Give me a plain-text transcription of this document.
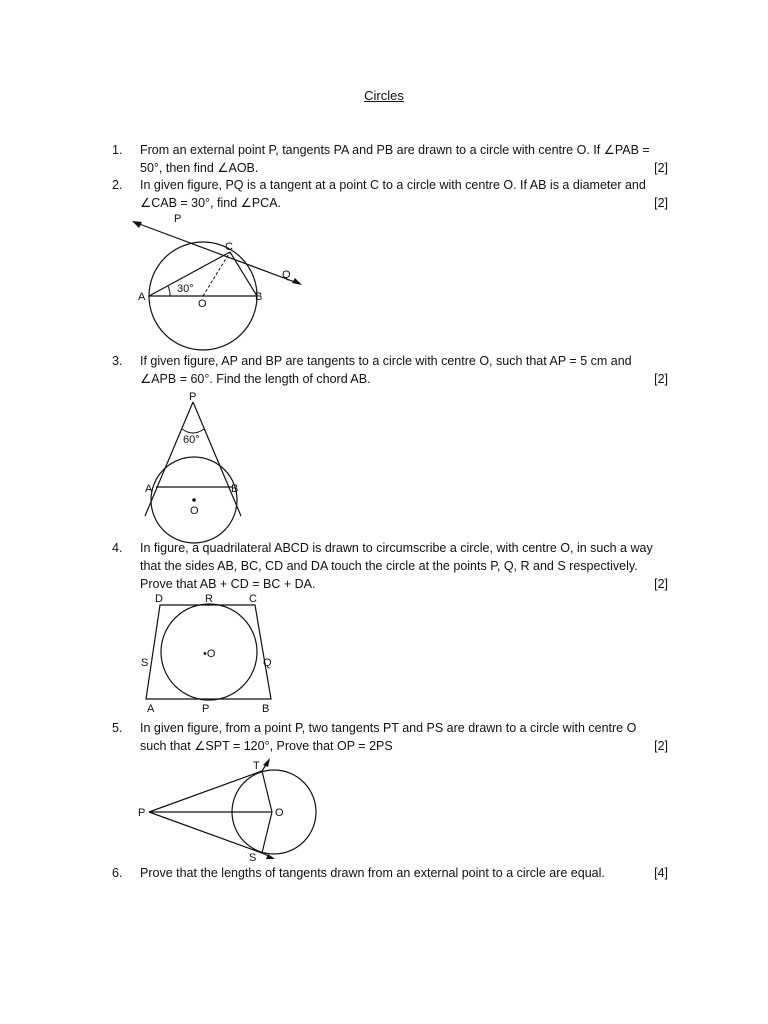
Circles
1.	From an external point P, tangents PA and PB are drawn to a circle with centre O. If ∠PAB =
50°, then find ∠AOB.	[2]
2.	In given figure, PQ is a tangent at a point C to a circle with centre O. If AB is a diameter and
∠CAB = 30°, find ∠PCA.	[2]
P
C
Q
A	B
O
30°
3.	If given figure, AP and BP are tangents to a circle with centre O, such that AP = 5 cm and
∠APB = 60°. Find the length of chord AB.	[2]
P
60°
A	B
O
4.	In figure, a quadrilateral ABCD is drawn to circumscribe a circle, with centre O, in such a way
that the sides AB, BC, CD and DA touch the circle at the points P, Q, R and S respectively.
Prove that AB + CD = BC + DA.	[2]
D	R	C
S
•O
Q
A	P	B
5.	In given figure, from a point P, two tangents PT and PS are drawn to a circle with centre O
such that ∠SPT = 120°, Prove that OP = 2PS	[2]
T
P	O
S
6.	Prove that the lengths of tangents drawn from an external point to a circle are equal.	[4]
